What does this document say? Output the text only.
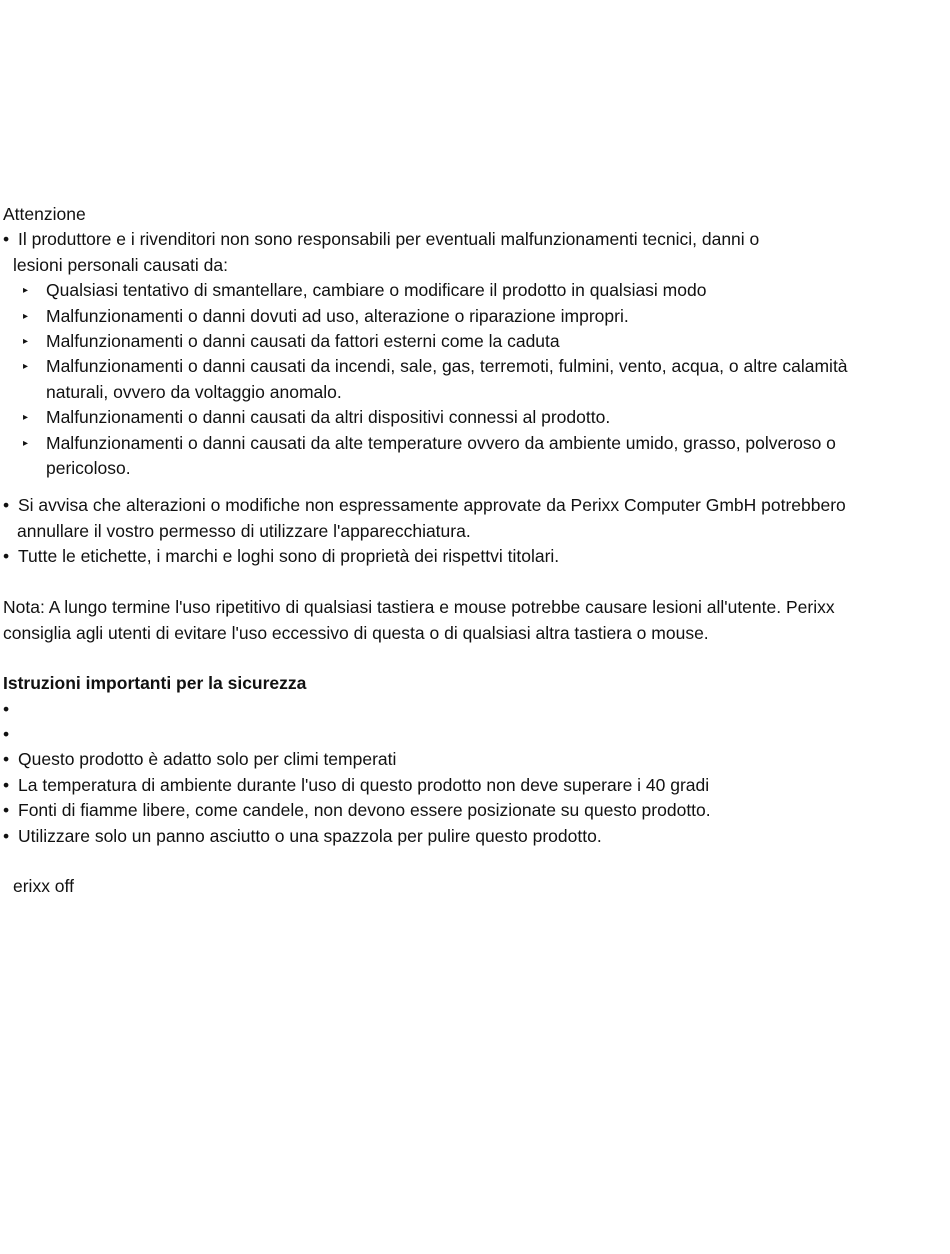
Attenzione
•
Il produttore e i rivenditori non sono responsabili per eventuali malfunzionamenti tecnici, danni o
lesioni personali causati da:
▸
Qualsiasi tentativo di smantellare, cambiare o modificare il prodotto in qualsiasi modo
▸
Malfunzionamenti o danni dovuti ad uso, alterazione o riparazione impropri.
▸
Malfunzionamenti o danni causati da fattori esterni come la caduta
▸
Malfunzionamenti o danni causati da incendi, sale, gas, terremoti, fulmini, vento, acqua, o altre calamità
naturali, ovvero da voltaggio anomalo.
▸
Malfunzionamenti o danni causati da altri dispositivi connessi al prodotto.
▸
Malfunzionamenti o danni causati da alte temperature ovvero da ambiente umido, grasso, polveroso o
pericoloso.
•
Si avvisa che alterazioni o modifiche non espressamente approvate da Perixx Computer GmbH potrebbero
annullare il vostro permesso di utilizzare l'apparecchiatura.
•
Tutte le etichette, i marchi e loghi sono di proprietà dei rispettvi titolari.
Nota: A lungo termine l'uso ripetitivo di qualsiasi tastiera e mouse potrebbe causare lesioni all'utente. Perixx
consiglia agli utenti di evitare l'uso eccessivo di questa o di qualsiasi altra tastiera o mouse.
Istruzioni importanti per la sicurezza
•
•
•
Questo prodotto è adatto solo per climi temperati
•
La temperatura di ambiente durante l'uso di questo prodotto non deve superare i 40 gradi
•
Fonti di fiamme libere, come candele, non devono essere posizionate su questo prodotto.
•
Utilizzare solo un panno asciutto o una spazzola per pulire questo prodotto.
erixx off
